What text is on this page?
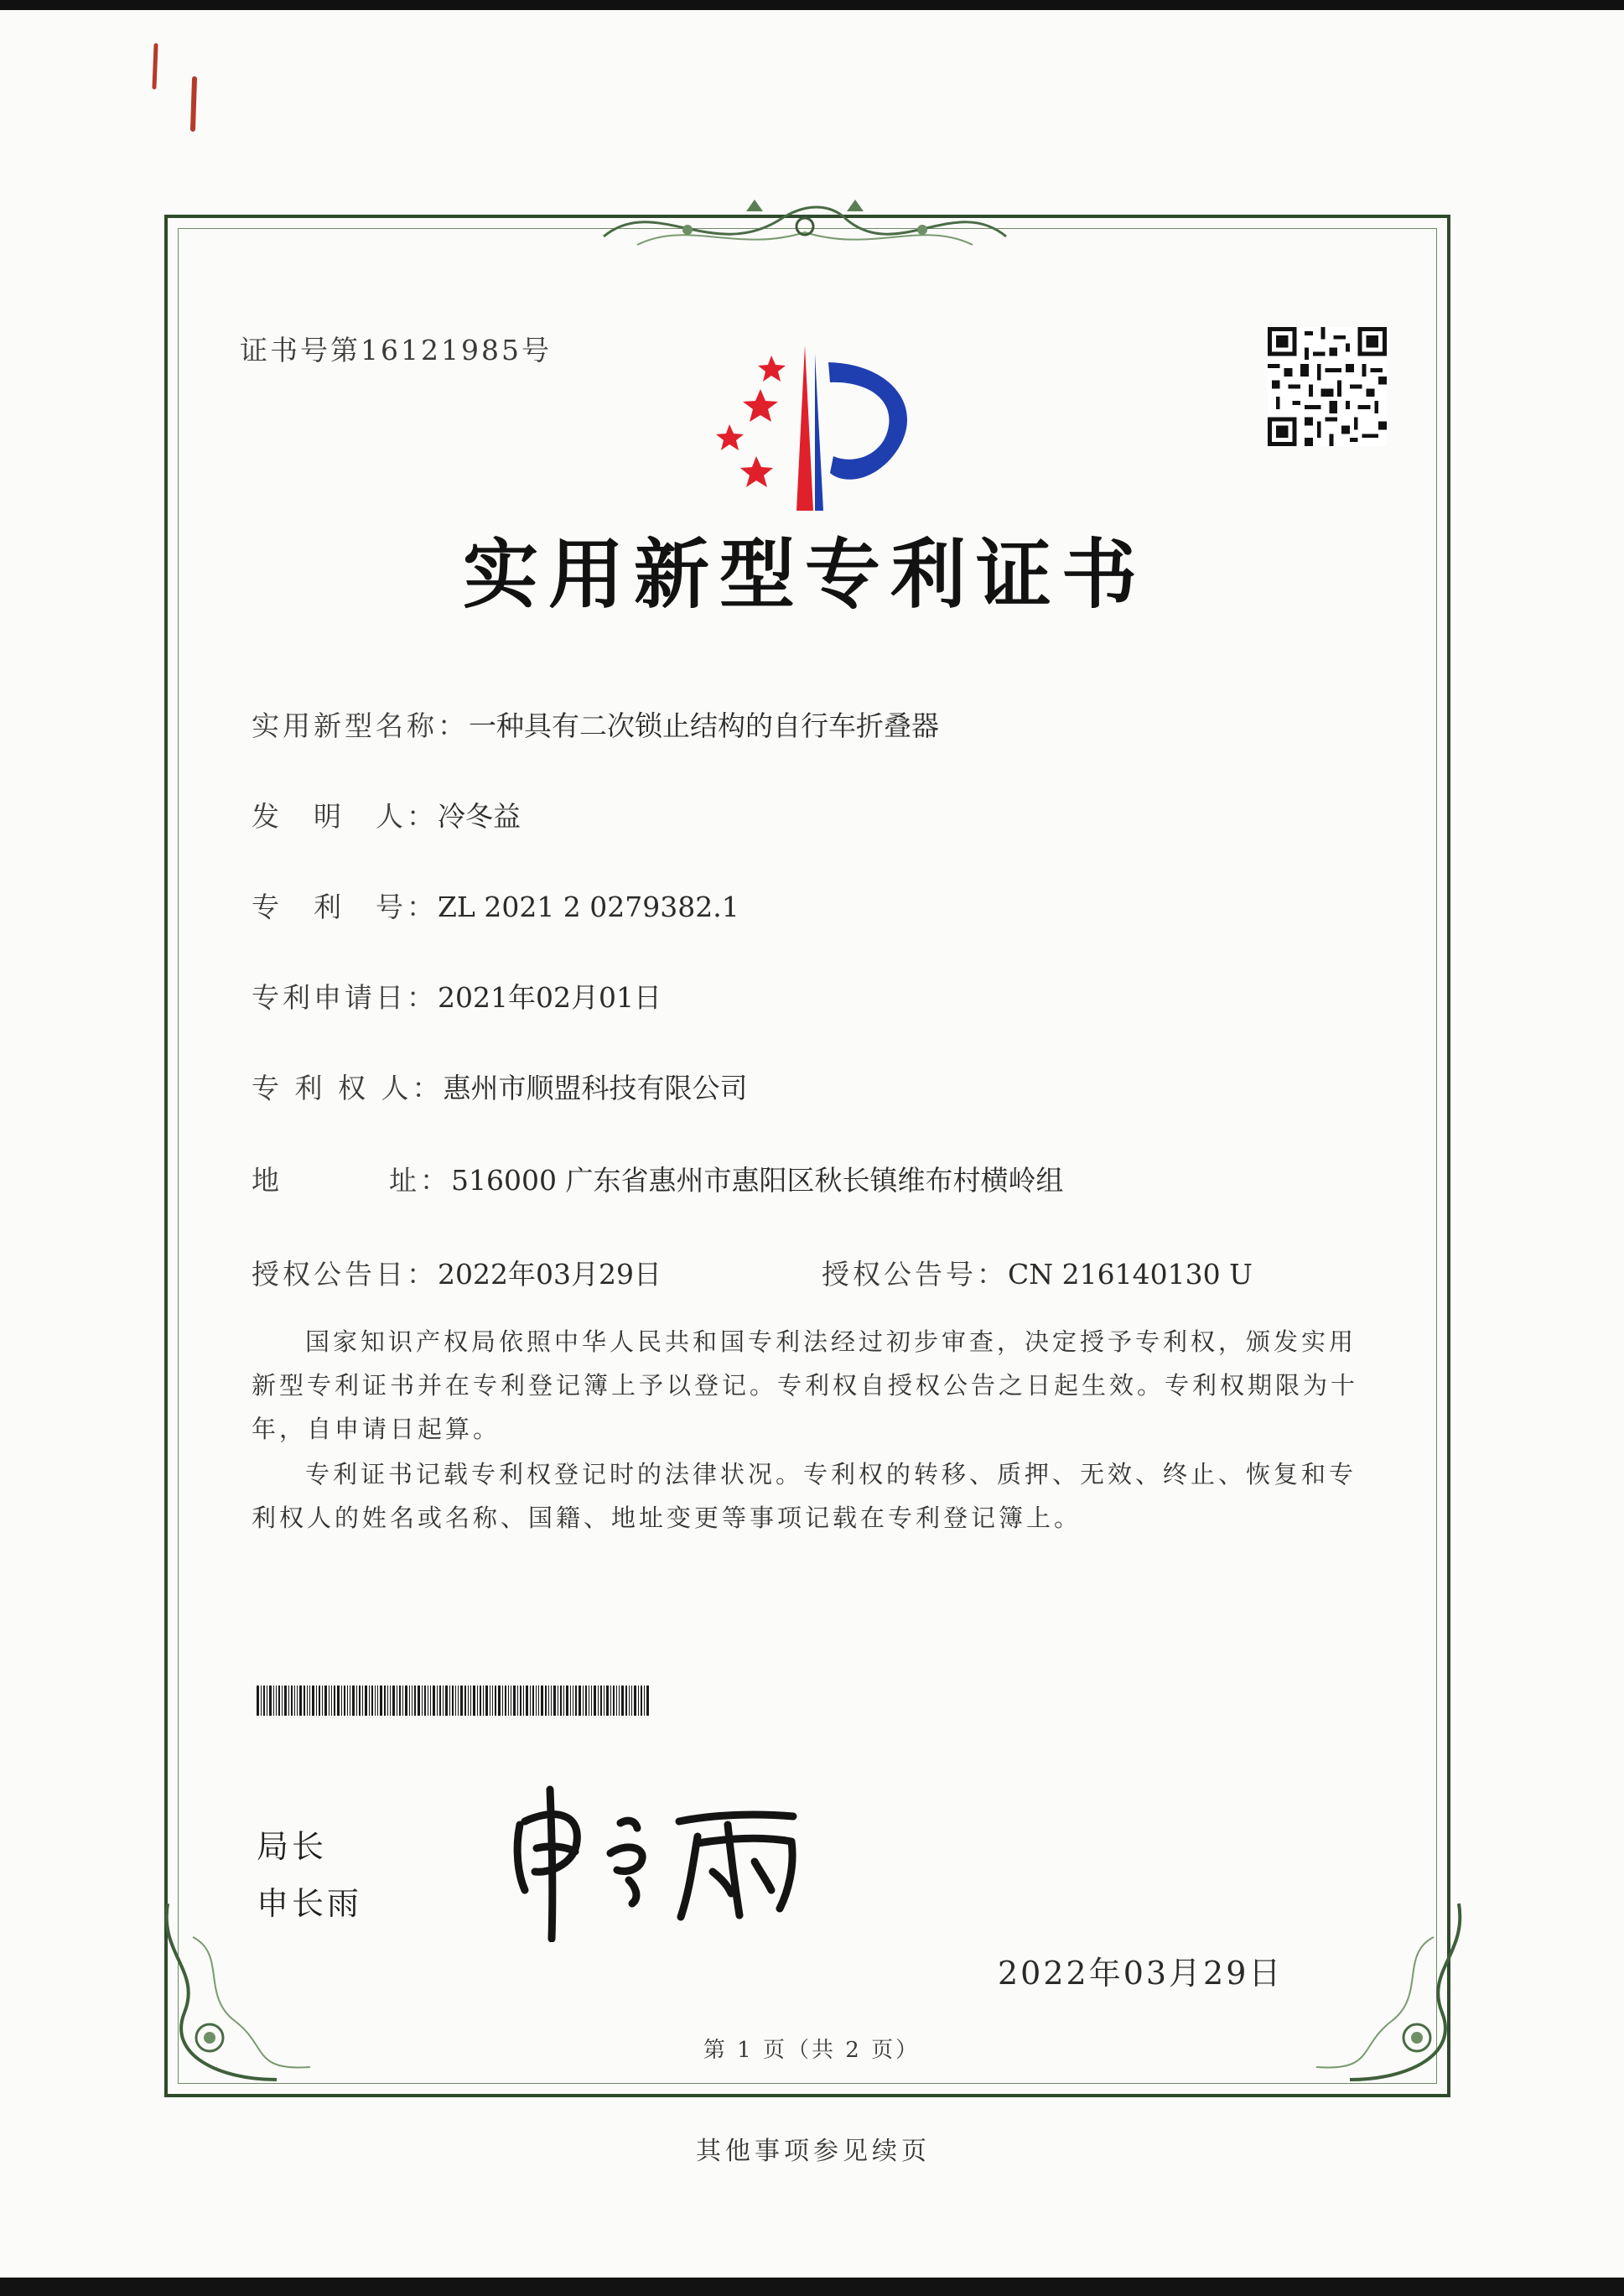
证书号第16121985号
实用新型专利证书
实用新型名称：一种具有二次锁止结构的自行车折叠器
发　明　人：冷冬益
专　利　号：ZL 2021 2 0279382.1
专利申请日：2021年02月01日
专 利 权 人：惠州市顺盟科技有限公司
地	址：516000 广东省惠州市惠阳区秋长镇维布村横岭组
授权公告日：2022年03月29日	授权公告号：CN 216140130 U
国家知识产权局依照中华人民共和国专利法经过初步审查，决定授予专利权，颁发实用新型专利证书并在专利登记簿上予以登记。专利权自授权公告之日起生效。专利权期限为十年，自申请日起算。
专利证书记载专利权登记时的法律状况。专利权的转移、质押、无效、终止、恢复和专利权人的姓名或名称、国籍、地址变更等事项记载在专利登记簿上。
局长
申长雨
2022年03月29日
第 1 页（共 2 页）
其他事项参见续页
